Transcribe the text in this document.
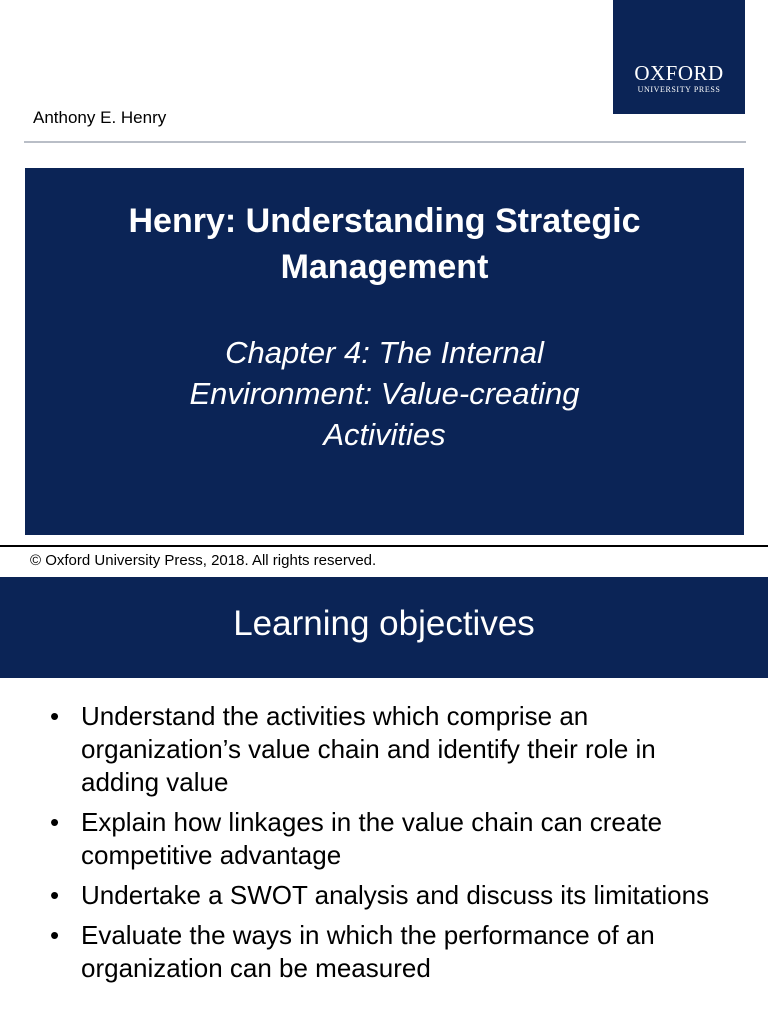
OXFORD
UNIVERSITY PRESS
Anthony E. Henry
Henry: Understanding Strategic Management
Chapter 4: The Internal Environment: Value-creating Activities
© Oxford University Press, 2018. All rights reserved.
Learning objectives
• Understand the activities which comprise an organization’s value chain and identify their role in adding value
• Explain how linkages in the value chain can create competitive advantage
• Undertake a SWOT analysis and discuss its limitations
• Evaluate the ways in which the performance of an organization can be measured
